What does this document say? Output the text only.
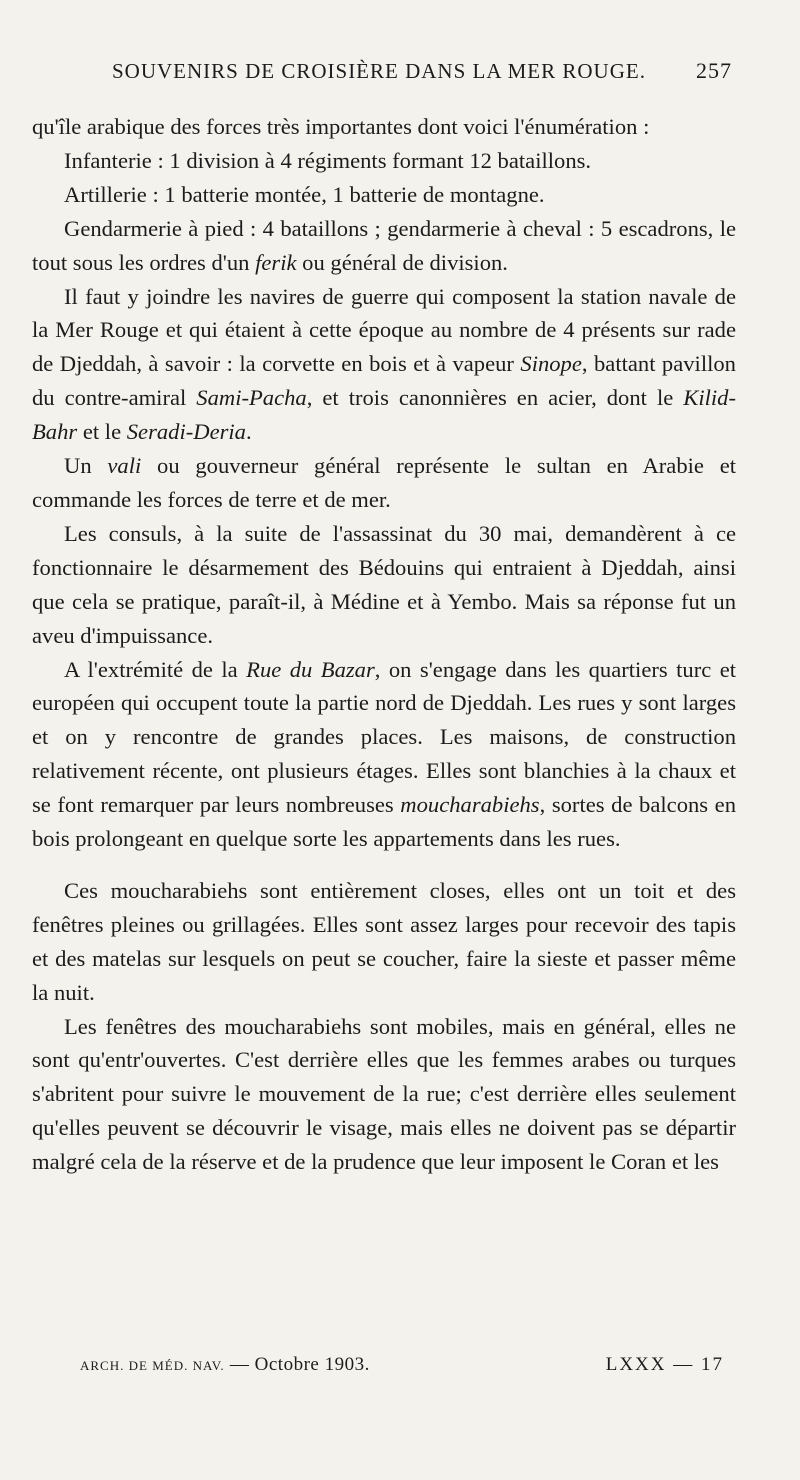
SOUVENIRS DE CROISIÈRE DANS LA MER ROUGE. 257

qu'île arabique des forces très importantes dont voici l'énumération :

Infanterie : 1 division à 4 régiments formant 12 bataillons.

Artillerie : 1 batterie montée, 1 batterie de montagne.

Gendarmerie à pied : 4 bataillons ; gendarmerie à cheval : 5 escadrons, le tout sous les ordres d'un ferik ou général de division.

Il faut y joindre les navires de guerre qui composent la station navale de la Mer Rouge et qui étaient à cette époque au nombre de 4 présents sur rade de Djeddah, à savoir : la corvette en bois et à vapeur Sinope, battant pavillon du contre-amiral Sami-Pacha, et trois canonnières en acier, dont le Kilid-Bahr et le Seradi-Deria.

Un vali ou gouverneur général représente le sultan en Arabie et commande les forces de terre et de mer.

Les consuls, à la suite de l'assassinat du 30 mai, demandèrent à ce fonctionnaire le désarmement des Bédouins qui entraient à Djeddah, ainsi que cela se pratique, paraît-il, à Médine et à Yembo. Mais sa réponse fut un aveu d'impuissance.

A l'extrémité de la Rue du Bazar, on s'engage dans les quartiers turc et européen qui occupent toute la partie nord de Djeddah. Les rues y sont larges et on y rencontre de grandes places. Les maisons, de construction relativement récente, ont plusieurs étages. Elles sont blanchies à la chaux et se font remarquer par leurs nombreuses moucharabiehs, sortes de balcons en bois prolongeant en quelque sorte les appartements dans les rues.

Ces moucharabiehs sont entièrement closes, elles ont un toit et des fenêtres pleines ou grillagées. Elles sont assez larges pour recevoir des tapis et des matelas sur lesquels on peut se coucher, faire la sieste et passer même la nuit.

Les fenêtres des moucharabiehs sont mobiles, mais en général, elles ne sont qu'entr'ouvertes. C'est derrière elles que les femmes arabes ou turques s'abritent pour suivre le mouvement de la rue; c'est derrière elles seulement qu'elles peuvent se découvrir le visage, mais elles ne doivent pas se départir malgré cela de la réserve et de la prudence que leur imposent le Coran et les

ARCH. DE MÉD. NAV. — Octobre 1903.	LXXX — 17
